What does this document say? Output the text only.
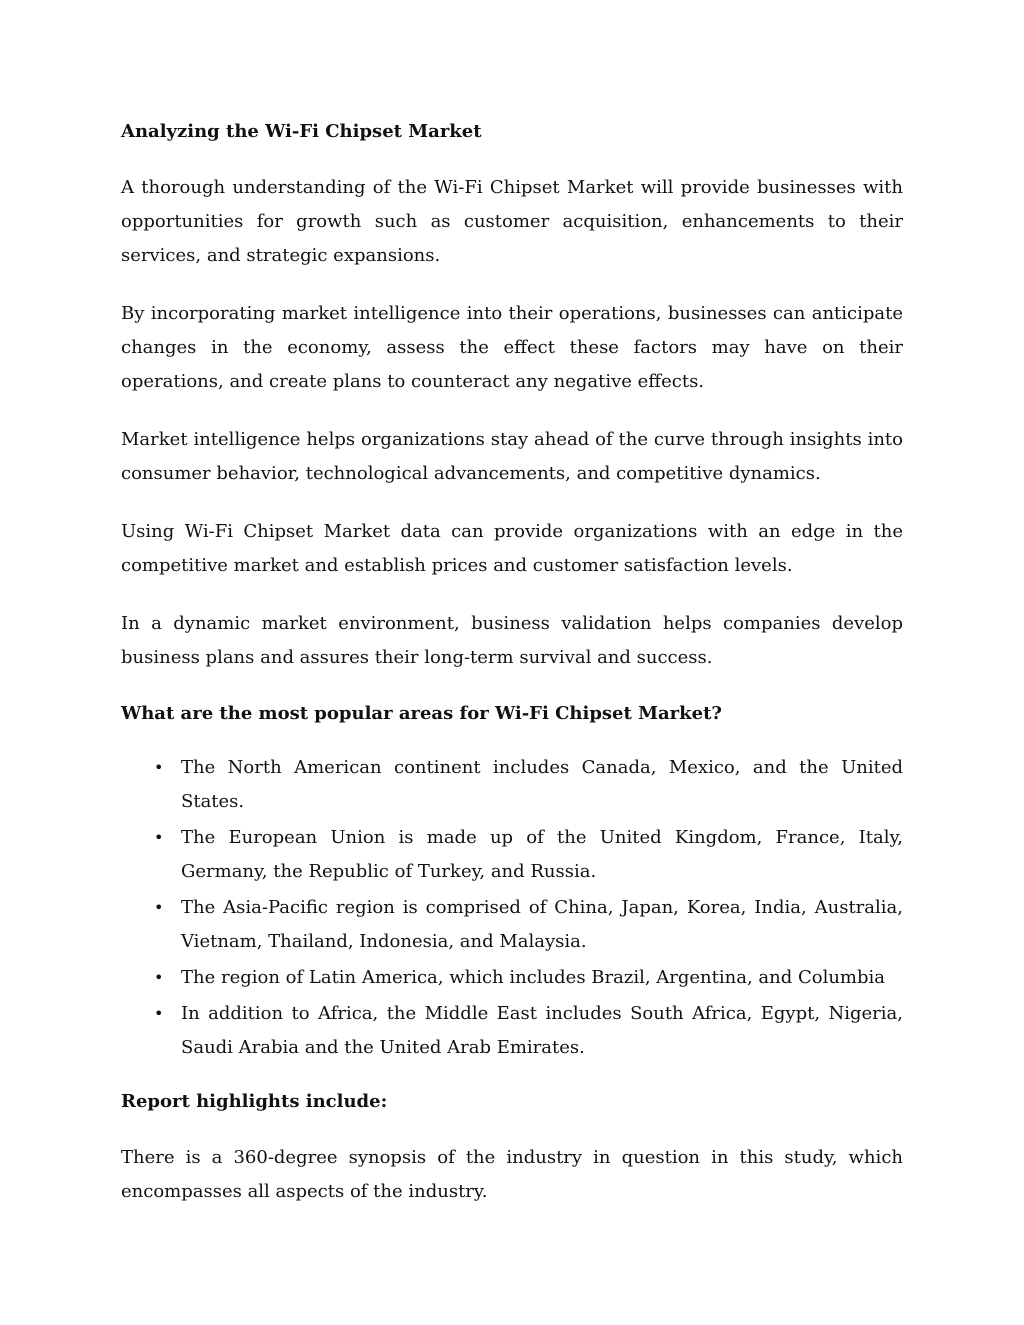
Analyzing the Wi-Fi Chipset Market

A thorough understanding of the Wi-Fi Chipset Market will provide businesses with opportunities for growth such as customer acquisition, enhancements to their services, and strategic expansions.

By incorporating market intelligence into their operations, businesses can anticipate changes in the economy, assess the effect these factors may have on their operations, and create plans to counteract any negative effects.

Market intelligence helps organizations stay ahead of the curve through insights into consumer behavior, technological advancements, and competitive dynamics.

Using Wi-Fi Chipset Market data can provide organizations with an edge in the competitive market and establish prices and customer satisfaction levels.

In a dynamic market environment, business validation helps companies develop business plans and assures their long-term survival and success.

What are the most popular areas for Wi-Fi Chipset Market?
• The North American continent includes Canada, Mexico, and the United States.
• The European Union is made up of the United Kingdom, France, Italy, Germany, the Republic of Turkey, and Russia.
• The Asia-Pacific region is comprised of China, Japan, Korea, India, Australia, Vietnam, Thailand, Indonesia, and Malaysia.
• The region of Latin America, which includes Brazil, Argentina, and Columbia
• In addition to Africa, the Middle East includes South Africa, Egypt, Nigeria, Saudi Arabia and the United Arab Emirates.
Report highlights include:

There is a 360-degree synopsis of the industry in question in this study, which encompasses all aspects of the industry.
